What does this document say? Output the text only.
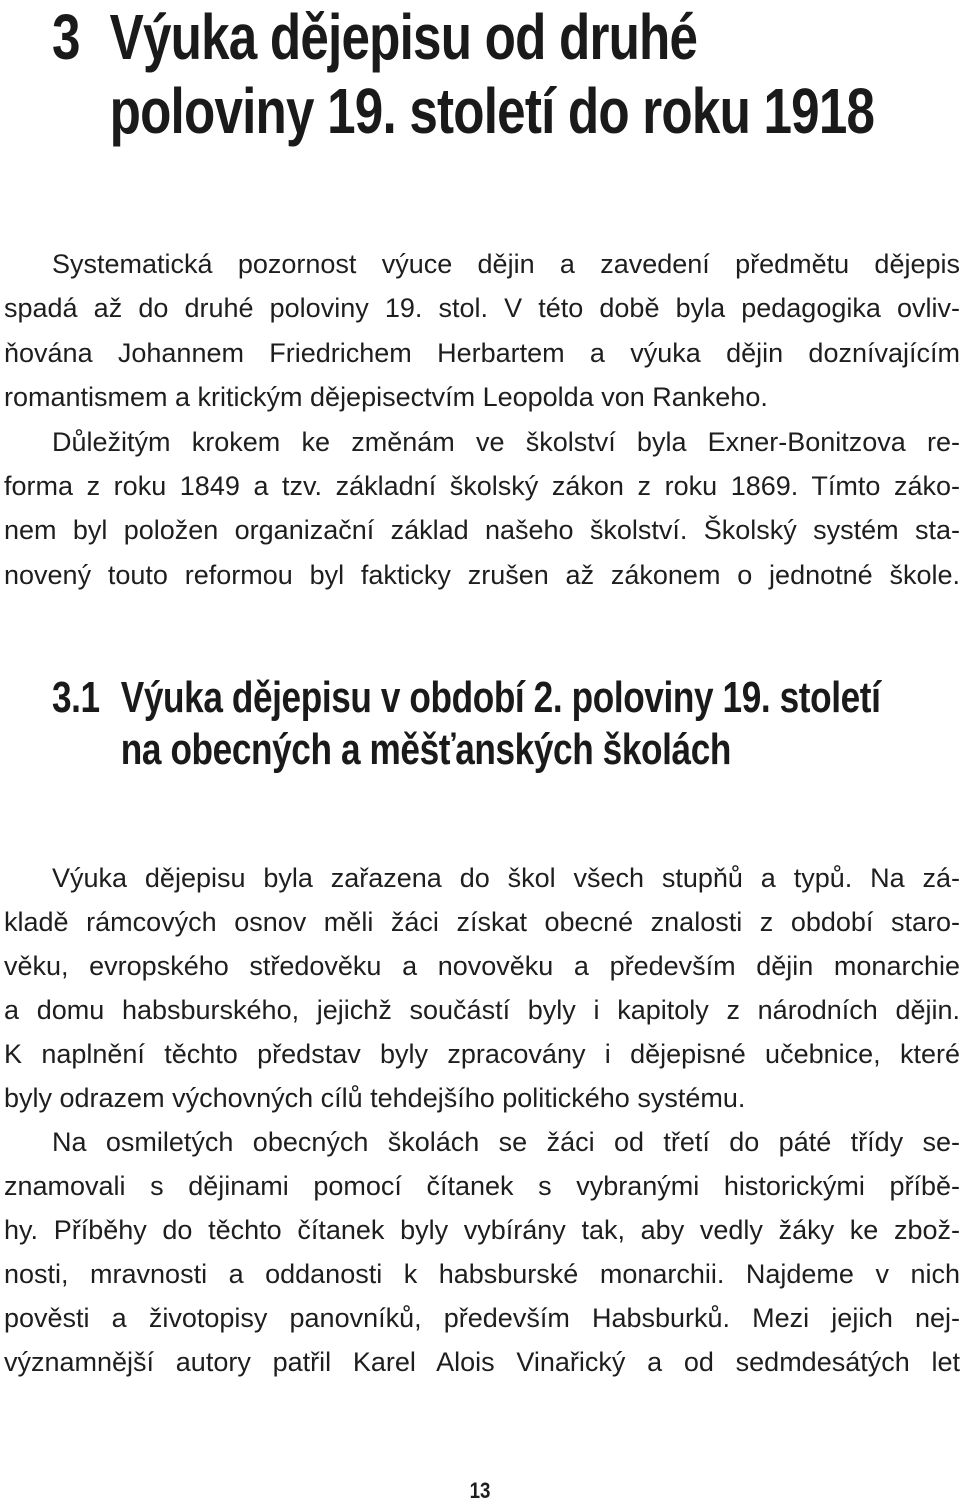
3 Výuka dějepisu od druhé
poloviny 19. století do roku 1918
Systematická pozornost výuce dějin a zavedení předmětu dějepis
spadá až do druhé poloviny 19. stol. V této době byla pedagogika ovliv-
ňována Johannem Friedrichem Herbartem a výuka dějin doznívajícím
romantismem a kritickým dějepisectvím Leopolda von Rankeho.
Důležitým krokem ke změnám ve školství byla Exner-Bonitzova re-
forma z roku 1849 a tzv. základní školský zákon z roku 1869. Tímto záko-
nem byl položen organizační základ našeho školství. Školský systém sta-
novený touto reformou byl fakticky zrušen až zákonem o jednotné škole.
3.1 Výuka dějepisu v období 2. poloviny 19. století
na obecných a měšťanských školách
Výuka dějepisu byla zařazena do škol všech stupňů a typů. Na zá-
kladě rámcových osnov měli žáci získat obecné znalosti z období staro-
věku, evropského středověku a novověku a především dějin monarchie
a domu habsburského, jejichž součástí byly i kapitoly z národních dějin.
K naplnění těchto představ byly zpracovány i dějepisné učebnice, které
byly odrazem výchovných cílů tehdejšího politického systému.
Na osmiletých obecných školách se žáci od třetí do páté třídy se-
znamovali s dějinami pomocí čítanek s vybranými historickými příbě-
hy. Příběhy do těchto čítanek byly vybírány tak, aby vedly žáky ke zbož-
nosti, mravnosti a oddanosti k habsburské monarchii. Najdeme v nich
pověsti a životopisy panovníků, především Habsburků. Mezi jejich nej-
významnější autory patřil Karel Alois Vinařický a od sedmdesátých let
13
